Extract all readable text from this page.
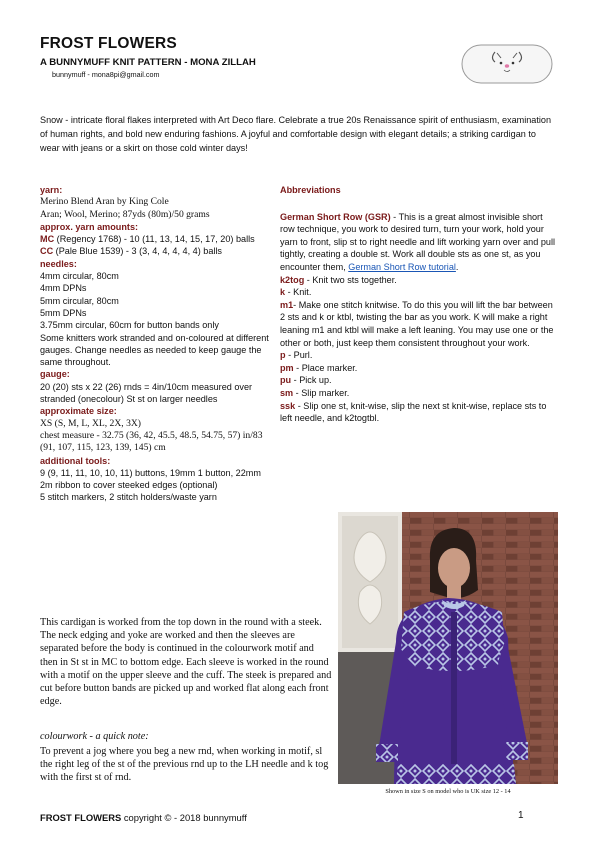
FROST FLOWERS
A BUNNYMUFF KNIT PATTERN - MONA ZILLAH
bunnymuff - mona8pi@gmail.com
Snow - intricate floral flakes interpreted with Art Deco flare. Celebrate a true 20s Renaissance spirit of enthusiasm, examination of human rights, and bold new enduring fashions. A joyful and comfortable design with elegant details; a striking cardigan to wear with jeans or a skirt on those cold winter days!

yarn:

Merino Blend Aran by King Cole

Aran; Wool, Merino; 87yds (80m)/50 grams

approx. yarn amounts:

MC (Regency 1768) - 10 (11, 13, 14, 15, 17, 20) balls

CC (Pale Blue 1539) - 3 (3, 4, 4, 4, 4, 4) balls

needles:

4mm circular, 80cm

4mm DPNs

5mm circular, 80cm

5mm DPNs

3.75mm circular, 60cm for button bands only

Some knitters work stranded and on-coloured at different gauges. Change needles as needed to keep gauge the same throughout.

gauge:

20 (20) sts x 22 (26) rnds = 4in/10cm measured over stranded (onecolour) St st on larger needles

approximate size:

XS (S, M, L, XL, 2X, 3X)

chest measure - 32.75 (36, 42, 45.5, 48.5, 54.75, 57) in/83 (91, 107, 115, 123, 139, 145) cm

additional tools:

9 (9, 11, 11, 10, 10, 11) buttons, 19mm 1 button, 22mm

2m ribbon to cover steeked edges (optional)

5 stitch markers, 2 stitch holders/waste yarn

This cardigan is worked from the top down in the round with a steek. The neck edging and yoke are worked and then the sleeves are separated before the body is continued in the colourwork motif and then in St st in MC to bottom edge. Each sleeve is worked in the round with a motif on the upper sleeve and the cuff. The steek is prepared and cut before button bands are picked up and worked flat along each front edge.
colourwork - a quick note:
To prevent a jog where you beg a new rnd, when working in motif, sl the right leg of the st of the previous rnd up to the LH needle and k tog with the first st of rnd.

Abbreviations

German Short Row (GSR) - This is a great almost invisible short row technique, you work to desired turn, turn your work, hold your yarn to front, slip st to right needle and lift working yarn over and pull tightly, creating a double st. Work all double sts as one st, as you encounter them, German Short Row tutorial.

k2tog - Knit two sts together.

k - Knit.

m1- Make one stitch knitwise. To do this you will lift the bar between 2 sts and k or ktbl, twisting the bar as you work. K will make a right leaning m1 and ktbl will make a left leaning. You may use one or the other or both, just keep them consistent throughout your work.

p - Purl.

pm - Place marker.

pu - Pick up.

sm - Slip marker.

ssk - Slip one st, knit-wise, slip the next st knit-wise, replace sts to left needle, and k2togtbl.

Shown in size S on model who is UK size 12 - 14
FROST FLOWERS copyright © - 2018 bunnymuff	1
